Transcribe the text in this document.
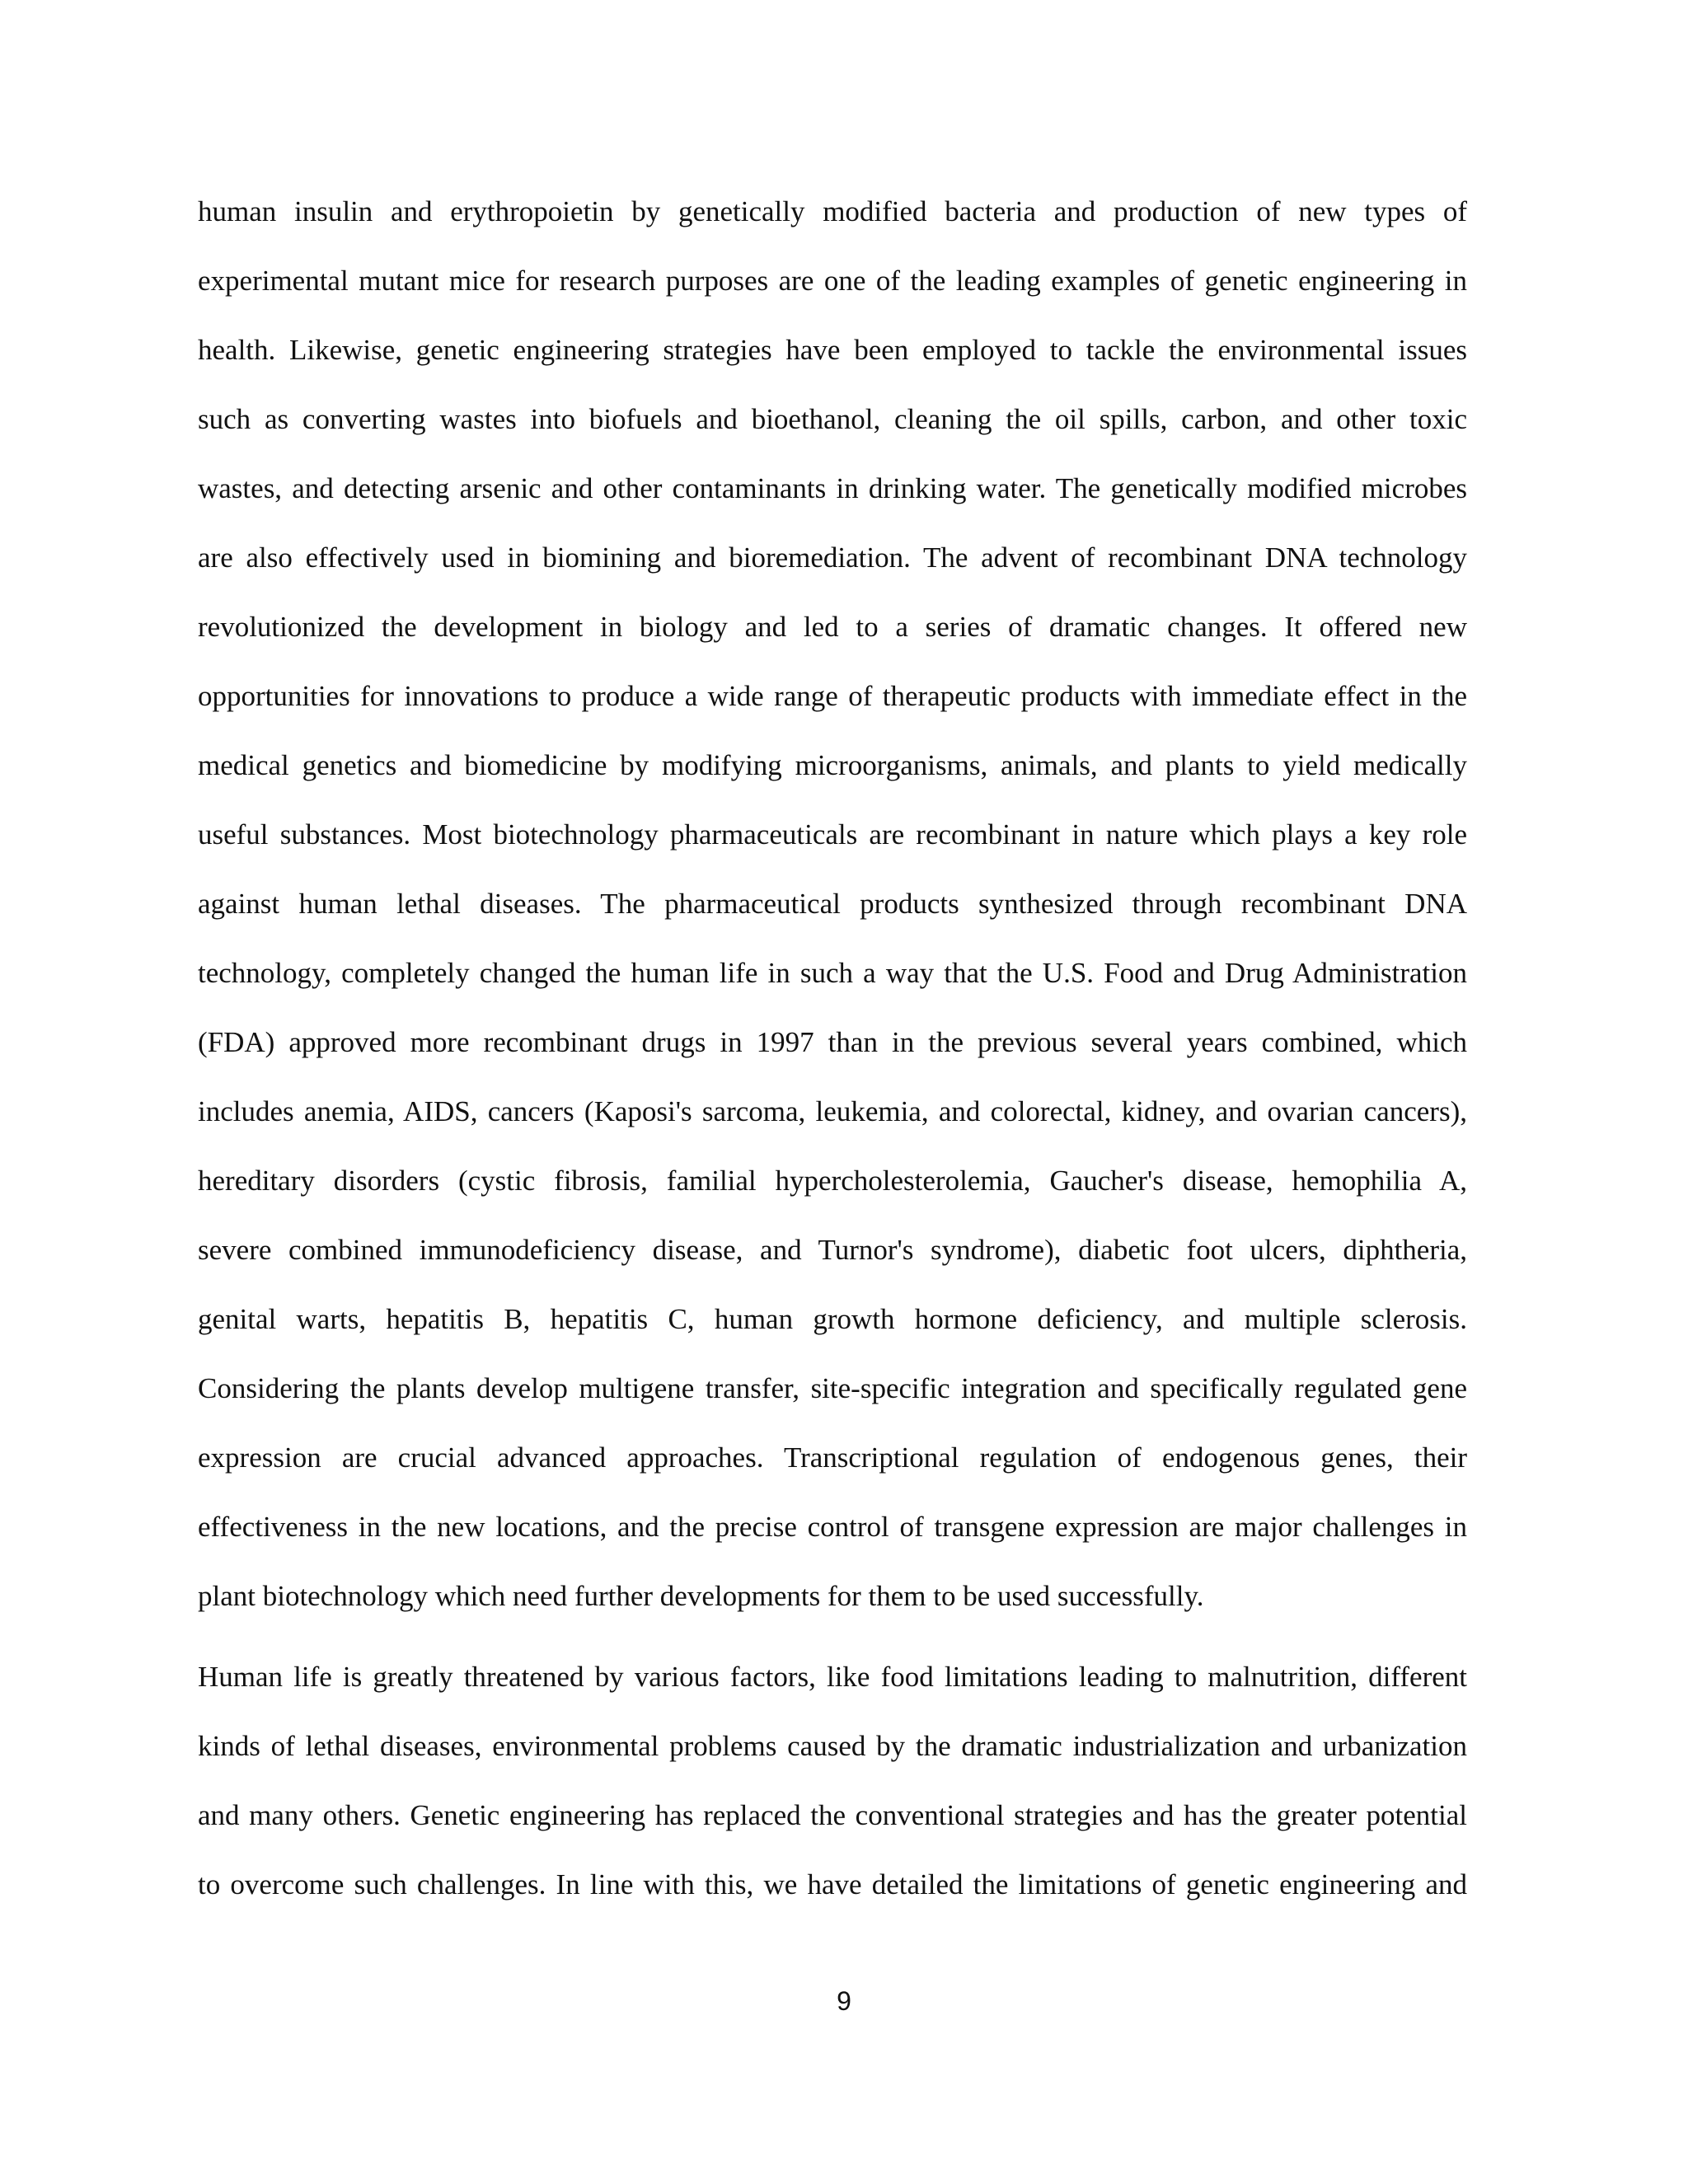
human insulin and erythropoietin by genetically modified bacteria and production of new types of
experimental mutant mice for research purposes are one of the leading examples of genetic engineering in
health. Likewise, genetic engineering strategies have been employed to tackle the environmental issues
such as converting wastes into biofuels and bioethanol, cleaning the oil spills, carbon, and other toxic
wastes, and detecting arsenic and other contaminants in drinking water. The genetically modified microbes
are also effectively used in biomining and bioremediation. The advent of recombinant DNA technology
revolutionized the development in biology and led to a series of dramatic changes. It offered new
opportunities for innovations to produce a wide range of therapeutic products with immediate effect in the
medical genetics and biomedicine by modifying microorganisms, animals, and plants to yield medically
useful substances. Most biotechnology pharmaceuticals are recombinant in nature which plays a key role
against human lethal diseases. The pharmaceutical products synthesized through recombinant DNA
technology, completely changed the human life in such a way that the U.S. Food and Drug Administration
(FDA) approved more recombinant drugs in 1997 than in the previous several years combined, which
includes anemia, AIDS, cancers (Kaposi's sarcoma, leukemia, and colorectal, kidney, and ovarian cancers),
hereditary disorders (cystic fibrosis, familial hypercholesterolemia, Gaucher's disease, hemophilia A,
severe combined immunodeficiency disease, and Turnor's syndrome), diabetic foot ulcers, diphtheria,
genital warts, hepatitis B, hepatitis C, human growth hormone deficiency, and multiple sclerosis.
Considering the plants develop multigene transfer, site-specific integration and specifically regulated gene
expression are crucial advanced approaches. Transcriptional regulation of endogenous genes, their
effectiveness in the new locations, and the precise control of transgene expression are major challenges in
plant biotechnology which need further developments for them to be used successfully.
Human life is greatly threatened by various factors, like food limitations leading to malnutrition, different
kinds of lethal diseases, environmental problems caused by the dramatic industrialization and urbanization
and many others. Genetic engineering has replaced the conventional strategies and has the greater potential
to overcome such challenges. In line with this, we have detailed the limitations of genetic engineering and
9
